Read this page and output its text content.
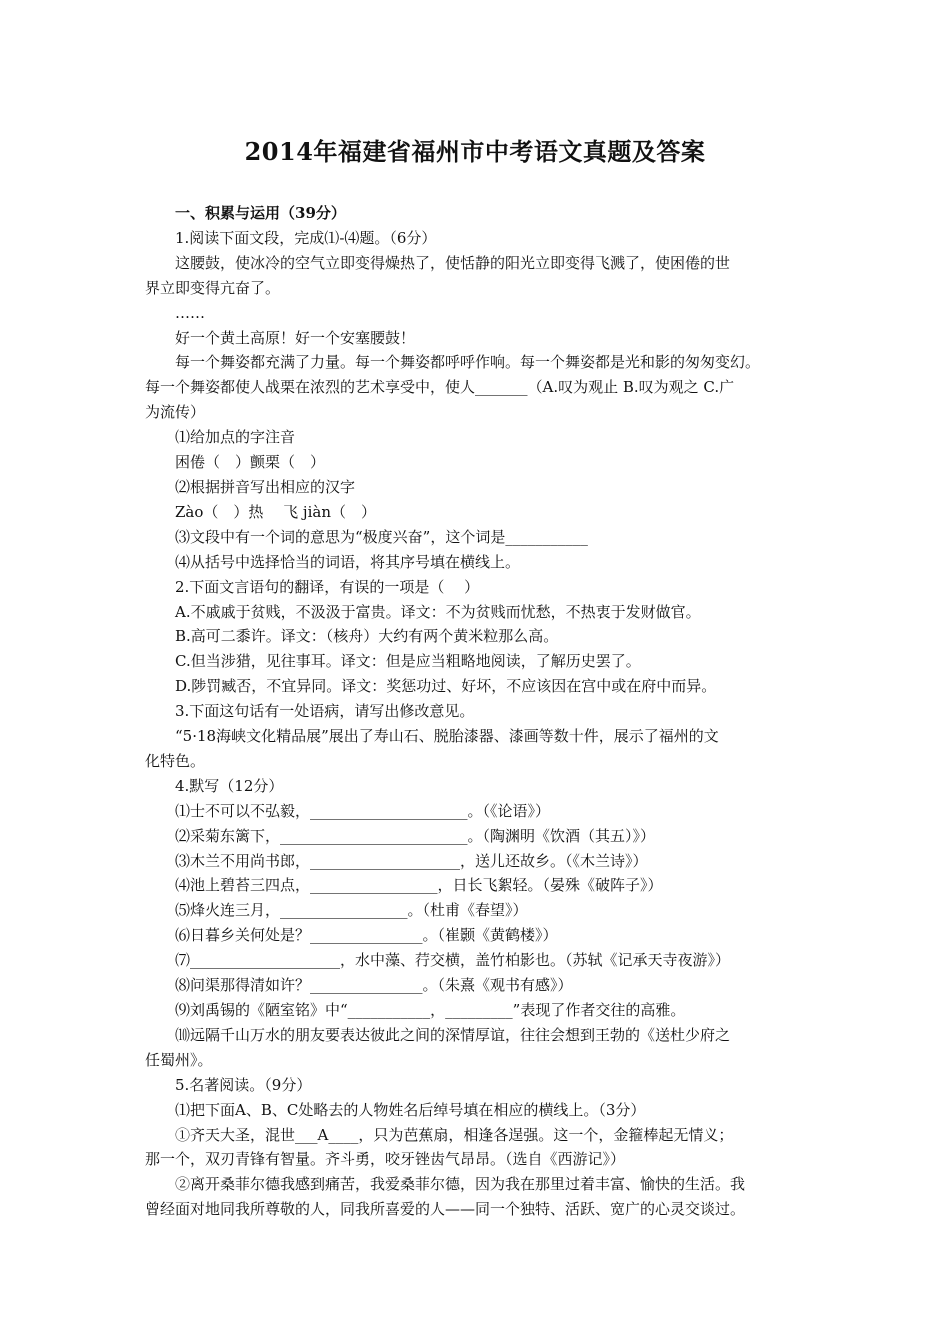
2014年福建省福州市中考语文真题及答案
一、积累与运用（39分）
1.阅读下面文段，完成⑴-⑷题。（6分）
这腰鼓，使冰冷的空气立即变得燥热了，使恬静的阳光立即变得飞溅了，使困倦的世
界立即变得亢奋了。
……
好一个黄土高原！好一个安塞腰鼓！
每一个舞姿都充满了力量。每一个舞姿都呼呼作响。每一个舞姿都是光和影的匆匆变幻。
每一个舞姿都使人战栗在浓烈的艺术享受中，使人_______（A.叹为观止 B.叹为观之 C.广
为流传）
⑴给加点的字注音
困倦（　）颤栗（　）
⑵根据拼音写出相应的汉字
Zào（　）热　 飞 jiàn（　）
⑶文段中有一个词的意思为“极度兴奋”，这个词是___________
⑷从括号中选择恰当的词语，将其序号填在横线上。
2.下面文言语句的翻译，有误的一项是（　 ）
A.不戚戚于贫贱，不汲汲于富贵。译文：不为贫贱而忧愁，不热衷于发财做官。
B.高可二黍许。译文：（核舟）大约有两个黄米粒那么高。
C.但当涉猎，见往事耳。译文：但是应当粗略地阅读，了解历史罢了。
D.陟罚臧否，不宜异同。译文：奖惩功过、好坏，不应该因在宫中或在府中而异。
3.下面这句话有一处语病，请写出修改意见。
“5·18海峡文化精品展”展出了寿山石、脱胎漆器、漆画等数十件，展示了福州的文
化特色。
4.默写（12分）
⑴士不可以不弘毅，_____________________。（《论语》）
⑵采菊东篱下，_________________________。（陶渊明《饮酒（其五）》）
⑶木兰不用尚书郎，____________________，送儿还故乡。（《木兰诗》）
⑷池上碧苔三四点，_________________，日长飞絮轻。（晏殊《破阵子》）
⑸烽火连三月，_________________。（杜甫《春望》）
⑹日暮乡关何处是？_______________。（崔颢《黄鹤楼》）
⑺____________________，水中藻、荇交横，盖竹柏影也。（苏轼《记承天寺夜游》）
⑻问渠那得清如许？_______________。（朱熹《观书有感》）
⑼刘禹锡的《陋室铭》中“___________，_________”表现了作者交往的高雅。
⑽远隔千山万水的朋友要表达彼此之间的深情厚谊，往往会想到王勃的《送杜少府之
任蜀州》。
5.名著阅读。（9分）
⑴把下面A、B、C处略去的人物姓名后绰号填在相应的横线上。（3分）
①齐天大圣，混世___A____，只为芭蕉扇，相逢各逞强。这一个，金箍棒起无情义；
那一个，双刃青锋有智量。齐斗勇，咬牙锉齿气昂昂。（选自《西游记》）
②离开桑菲尔德我感到痛苦，我爱桑菲尔德，因为我在那里过着丰富、愉快的生活。我
曾经面对地同我所尊敬的人，同我所喜爱的人——同一个独特、活跃、宽广的心灵交谈过。
